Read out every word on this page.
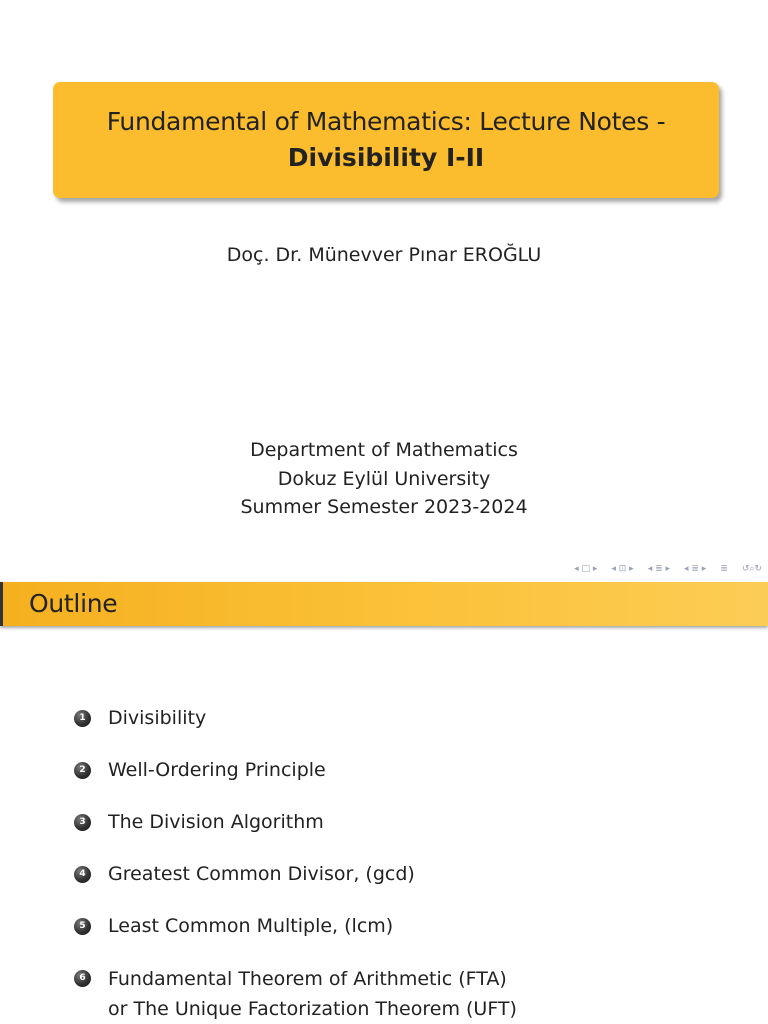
Fundamental of Mathematics: Lecture Notes -
Divisibility I-II
Doç. Dr. Münevver Pınar EROĞLU
Department of Mathematics
Dokuz Eylül University
Summer Semester 2023-2024
◂ □ ▸ ◂ ⊡ ▸ ◂ ≣ ▸ ◂ ≣ ▸ ≣ ↺⌕↻
Outline
1 Divisibility
2 Well-Ordering Principle
3 The Division Algorithm
4 Greatest Common Divisor, (gcd)
5 Least Common Multiple, (lcm)
6 Fundamental Theorem of Arithmetic (FTA)
or The Unique Factorization Theorem (UFT)
